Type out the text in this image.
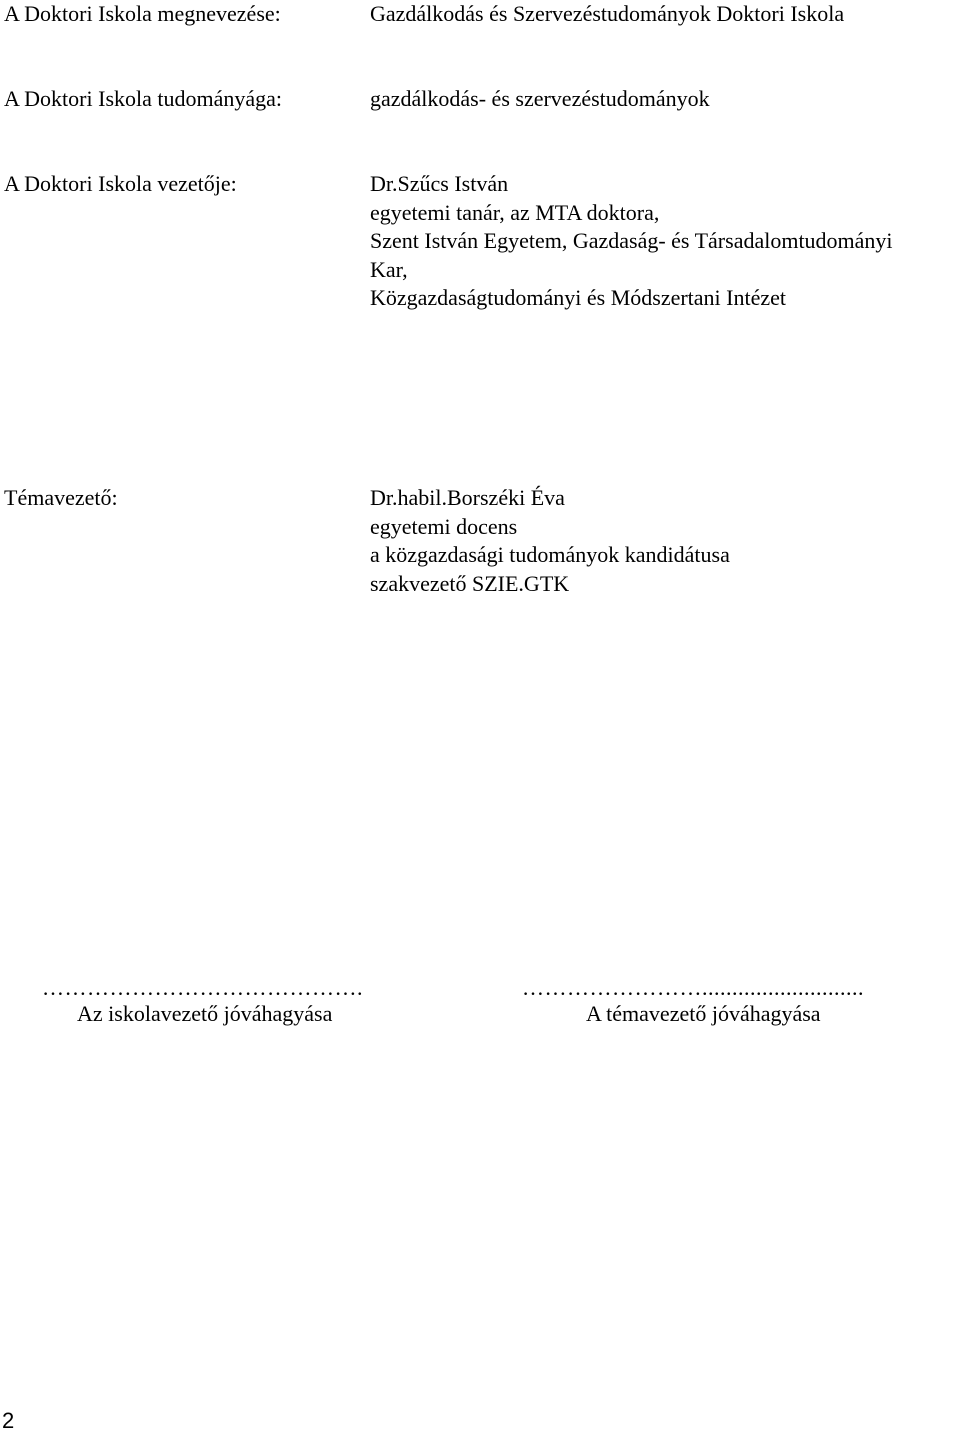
A Doktori Iskola megnevezése:	Gazdálkodás és Szervezéstudományok Doktori Iskola
A Doktori Iskola tudományága:	gazdálkodás- és szervezéstudományok
A Doktori Iskola vezetője:	Dr.Szűcs István
egyetemi tanár, az MTA doktora,
Szent István Egyetem, Gazdaság- és Társadalomtudományi
Kar,
Közgazdaságtudományi és Módszertani Intézet
Témavezető:	Dr.habil.Borszéki Éva
egyetemi docens
a közgazdasági tudományok kandidátusa
szakvezető SZIE.GTK
…………………………………….
Az iskolavezető jóváhagyása
……………………...........................
A témavezető jóváhagyása
2
